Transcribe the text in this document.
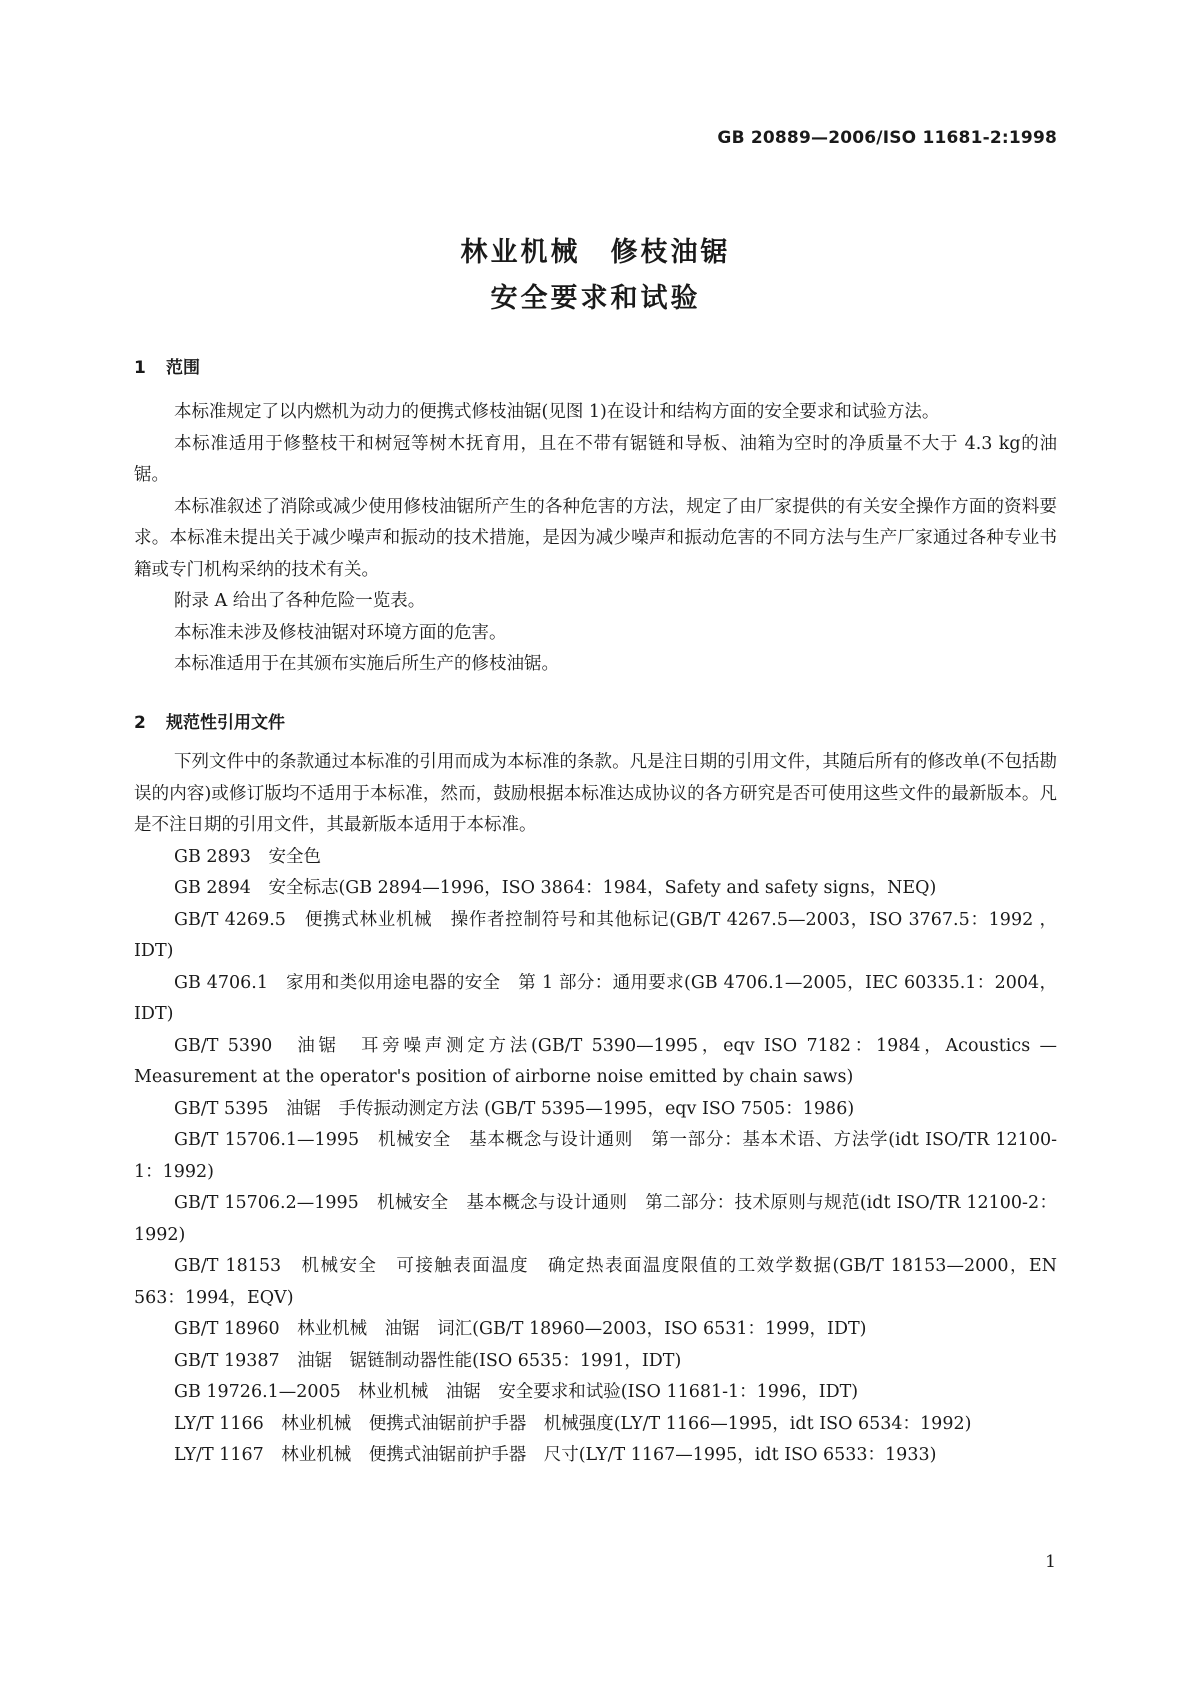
GB 20889—2006/ISO 11681-2:1998
林业机械　修枝油锯
安全要求和试验
1 范围

本标准规定了以内燃机为动力的便携式修枝油锯(见图 1)在设计和结构方面的安全要求和试验方法。

本标准适用于修整枝干和树冠等树木抚育用，且在不带有锯链和导板、油箱为空时的净质量不大于 4.3 kg的油锯。

本标准叙述了消除或减少使用修枝油锯所产生的各种危害的方法，规定了由厂家提供的有关安全操作方面的资料要求。本标准未提出关于减少噪声和振动的技术措施，是因为减少噪声和振动危害的不同方法与生产厂家通过各种专业书籍或专门机构采纳的技术有关。

附录 A 给出了各种危险一览表。

本标准未涉及修枝油锯对环境方面的危害。

本标准适用于在其颁布实施后所生产的修枝油锯。

2 规范性引用文件

下列文件中的条款通过本标准的引用而成为本标准的条款。凡是注日期的引用文件，其随后所有的修改单(不包括勘误的内容)或修订版均不适用于本标准，然而，鼓励根据本标准达成协议的各方研究是否可使用这些文件的最新版本。凡是不注日期的引用文件，其最新版本适用于本标准。

GB 2893　安全色

GB 2894　安全标志(GB 2894—1996，ISO 3864：1984，Safety and safety signs，NEQ)

GB/T 4269.5　便携式林业机械　操作者控制符号和其他标记(GB/T 4267.5—2003，ISO 3767.5：1992 ，IDT)

GB 4706.1　家用和类似用途电器的安全　第 1 部分：通用要求(GB 4706.1—2005，IEC 60335.1：2004，IDT)

GB/T 5390　油锯　耳旁噪声测定方法(GB/T 5390—1995，eqv ISO 7182：1984，Acoustics — Measurement at the operator's position of airborne noise emitted by chain saws)

GB/T 5395　油锯　手传振动测定方法 (GB/T 5395—1995，eqv ISO 7505：1986)

GB/T 15706.1—1995　机械安全　基本概念与设计通则　第一部分：基本术语、方法学(idt ISO/TR 12100-1：1992)

GB/T 15706.2—1995　机械安全　基本概念与设计通则　第二部分：技术原则与规范(idt ISO/TR 12100-2：1992)

GB/T 18153　机械安全　可接触表面温度　确定热表面温度限值的工效学数据(GB/T 18153—2000，EN 563：1994，EQV)

GB/T 18960　林业机械　油锯　词汇(GB/T 18960—2003，ISO 6531：1999，IDT)

GB/T 19387　油锯　锯链制动器性能(ISO 6535：1991，IDT)

GB 19726.1—2005　林业机械　油锯　安全要求和试验(ISO 11681-1：1996，IDT)

LY/T 1166　林业机械　便携式油锯前护手器　机械强度(LY/T 1166—1995，idt ISO 6534：1992)

LY/T 1167　林业机械　便携式油锯前护手器　尺寸(LY/T 1167—1995，idt ISO 6533：1933)

1
